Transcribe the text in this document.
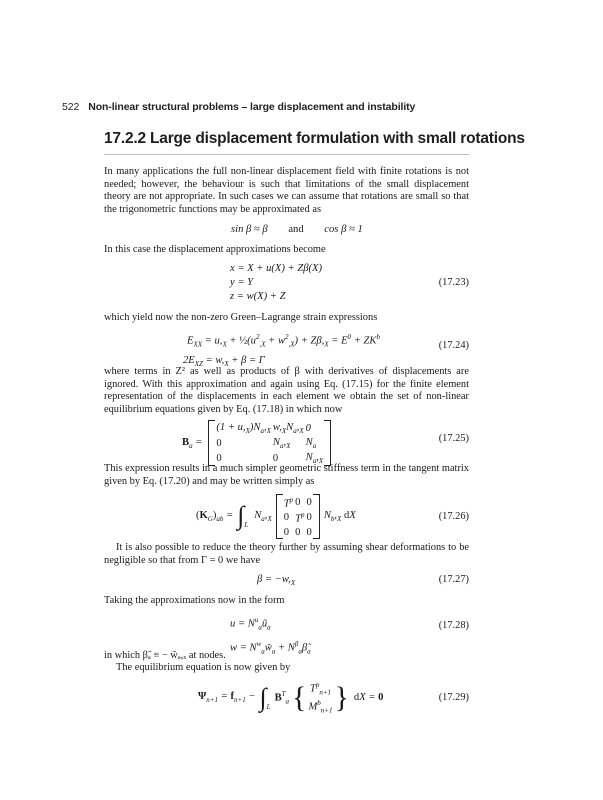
522 Non-linear structural problems – large displacement and instability
17.2.2 Large displacement formulation with small rotations
In many applications the full non-linear displacement field with finite rotations is not needed; however, the behaviour is such that limitations of the small displacement theory are not appropriate. In such cases we can assume that rotations are small so that the trigonometric functions may be approximated as
sin β ≈ β and cos β ≈ 1
In this case the displacement approximations become
x = X + u(X) + Zβ(X)
y = Y
z = w(X) + Z
(17.23)
which yield now the non-zero Green–Lagrange strain expressions
$E_{XX} = u,_X$ + $\frac{1}{2}(u^2_{,X} + w^2_{,X}) + Z\beta,_X = E^0 + ZK^b$
$2E_{XZ} = w,_X + \beta = \Gamma$
(17.24)
where terms in Z² as well as products of β with derivatives of displacements are ignored. With this approximation and again using Eq. (17.15) for the finite element representation of the displacements in each element we obtain the set of non-linear equilibrium equations given by Eq. (17.18) in which now
$B_a$ =		$(1 + u,_X)N_a,_X$	$w,_XN_a,_X$	0	
		0	$N_a,_X$	$N_a$
		0	0	$N_a,_X$
(17.25)
This expression results in a much simpler geometric stiffness term in the tangent matrix given by Eq. (17.20) and may be written simply as
$(K_G)_{ab}$ =	$\int_L$	$N_a,_X$		$T^p$	0	0		$N_b,_X$ dX
				0	$T^p$	0		
				0	0	0		
(17.26)
It is also possible to reduce the theory further by assuming shear deformations to be negligible so that from Γ = 0 we have
$\beta = -w,_X$	(17.27)
Taking the approximations now in the form
$u = N^u_aũ_a$
$w = N^w_aw̃_a$ + $N^\beta_a\betã_a$
(17.28)
in which β̃ₐ ≡ − w̃ₐ,ₓ at nodes.
The equilibrium equation is now given by
$\Psi_{n+1} = f_{n+1}$ −	$\int_L$	$B^T_a$	{	$T^p_{n+1}$	}	dX = 0
$M^b_{n+1}$
(17.29)
